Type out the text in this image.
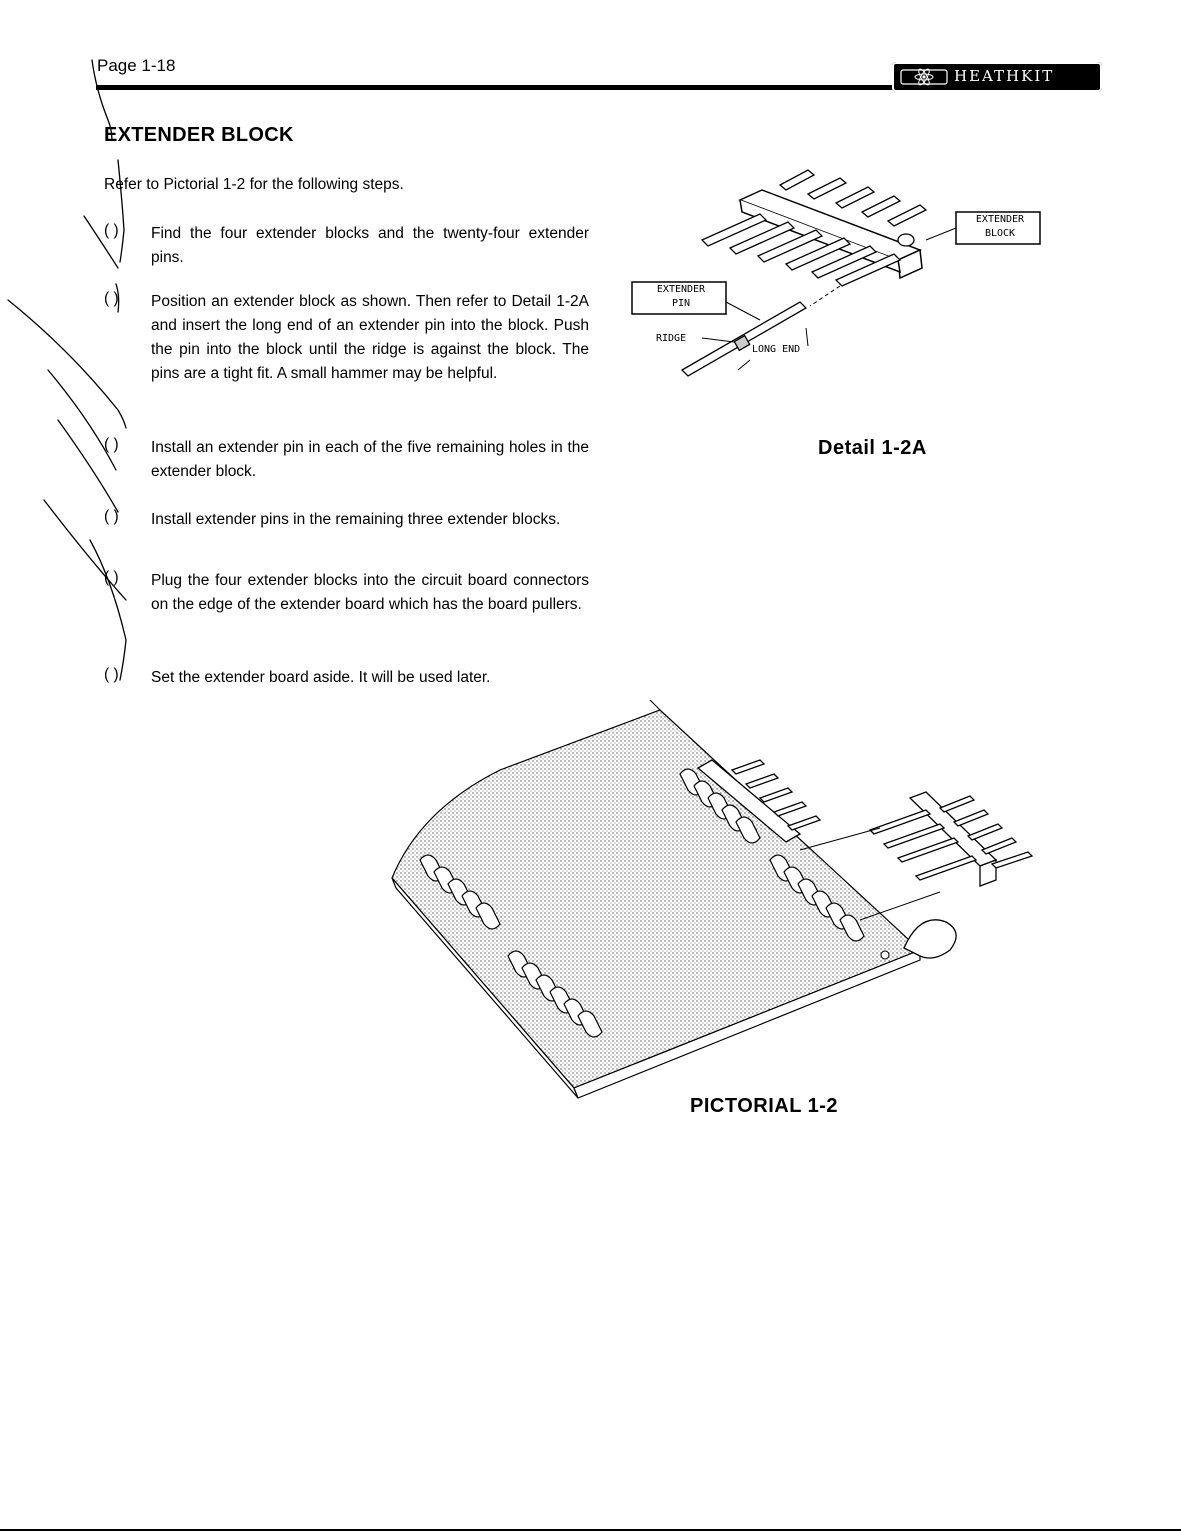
Page 1-18
HEATHKIT
EXTENDER BLOCK
Refer to Pictorial 1-2 for the following steps.
( )	Find the four extender blocks and the twenty-four extender pins.
( )	Position an extender block as shown. Then refer to Detail 1-2A and insert the long end of an extender pin into the block. Push the pin into the block until the ridge is against the block. The pins are a tight fit. A small hammer may be helpful.
( )	Install an extender pin in each of the five remaining holes in the extender block.
( )	Install extender pins in the remaining three extender blocks.
( )	Plug the four extender blocks into the circuit board connectors on the edge of the extender board which has the board pullers.
( )	Set the extender board aside. It will be used later.
EXTENDER
BLOCK
EXTENDER
PIN
RIDGE
LONG END
Detail 1-2A
PICTORIAL 1-2
